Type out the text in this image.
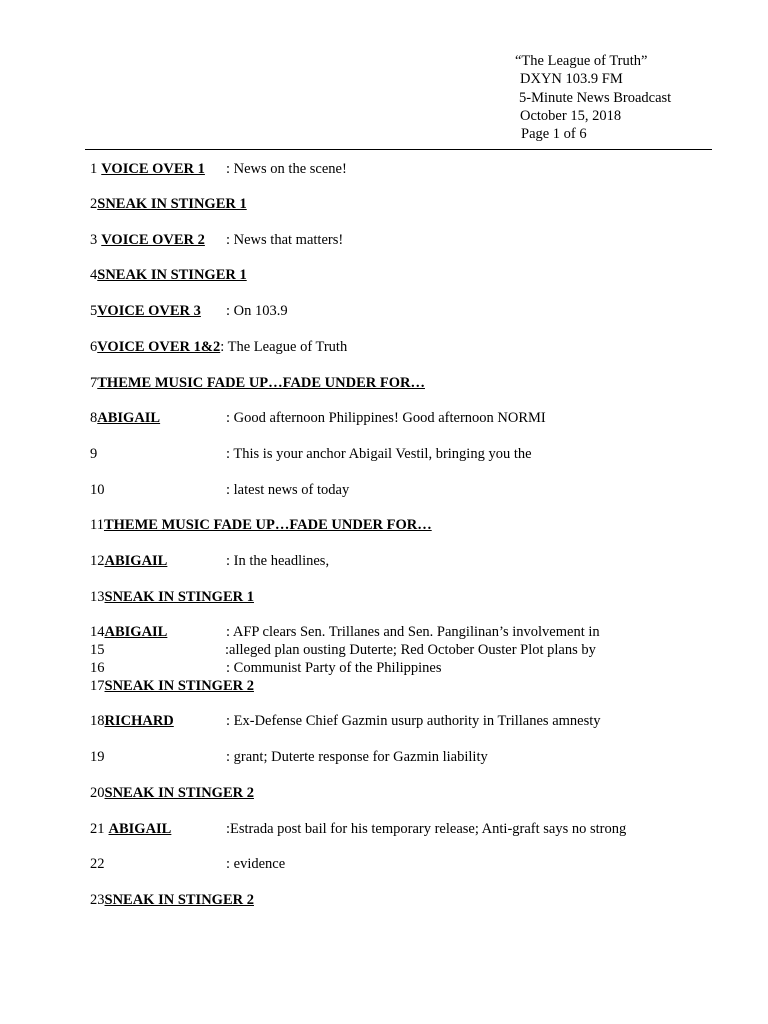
“The League of Truth”
DXYN 103.9 FM
5-Minute News Broadcast
October 15, 2018
Page 1 of 6
1 VOICE OVER 1 : News on the scene!
2SNEAK IN STINGER 1
3 VOICE OVER 2 : News that matters!
4SNEAK IN STINGER 1
5VOICE OVER 3 : On 103.9
6VOICE OVER 1&2: The League of Truth
7THEME MUSIC FADE UP…FADE UNDER FOR…
8ABIGAIL	: Good afternoon Philippines! Good afternoon NORMI
9	: This is your anchor Abigail Vestil, bringing you the
10	: latest news of today
11THEME MUSIC FADE UP…FADE UNDER FOR…
12ABIGAIL	: In the headlines,
13SNEAK IN STINGER 1
14ABIGAIL	: AFP clears Sen. Trillanes and Sen. Pangilinan’s involvement in
15	:alleged plan ousting Duterte; Red October Ouster Plot plans by
16	: Communist Party of the Philippines
17SNEAK IN STINGER 2
18RICHARD	: Ex-Defense Chief Gazmin usurp authority in Trillanes amnesty
19	: grant; Duterte response for Gazmin liability
20SNEAK IN STINGER 2
21 ABIGAIL	:Estrada post bail for his temporary release; Anti-graft says no strong
22	: evidence
23SNEAK IN STINGER 2
